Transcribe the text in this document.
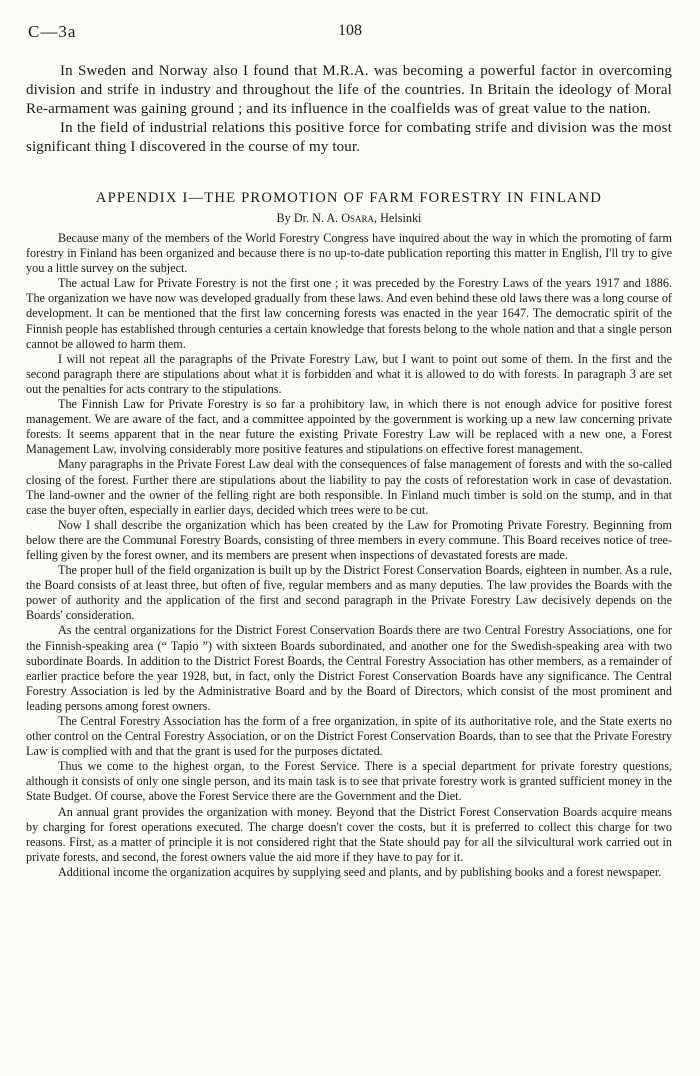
C—3a	108

In Sweden and Norway also I found that M.R.A. was becoming a powerful factor in overcoming division and strife in industry and throughout the life of the countries. In Britain the ideology of Moral Re-armament was gaining ground ; and its influence in the coalfields was of great value to the nation.

In the field of industrial relations this positive force for combating strife and division was the most significant thing I discovered in the course of my tour.

APPENDIX I—THE PROMOTION OF FARM FORESTRY IN FINLAND
By Dr. N. A. Osara, Helsinki

Because many of the members of the World Forestry Congress have inquired about the way in which the promoting of farm forestry in Finland has been organized and because there is no up-to-date publication reporting this matter in English, I'll try to give you a little survey on the subject.

The actual Law for Private Forestry is not the first one ; it was preceded by the Forestry Laws of the years 1917 and 1886. The organization we have now was developed gradually from these laws. And even behind these old laws there was a long course of development. It can be mentioned that the first law concerning forests was enacted in the year 1647. The democratic spirit of the Finnish people has established through centuries a certain knowledge that forests belong to the whole nation and that a single person cannot be allowed to harm them.

I will not repeat all the paragraphs of the Private Forestry Law, but I want to point out some of them. In the first and the second paragraph there are stipulations about what it is forbidden and what it is allowed to do with forests. In paragraph 3 are set out the penalties for acts contrary to the stipulations.

The Finnish Law for Private Forestry is so far a prohibitory law, in which there is not enough advice for positive forest management. We are aware of the fact, and a committee appointed by the government is working up a new law concerning private forests. It seems apparent that in the near future the existing Private Forestry Law will be replaced with a new one, a Forest Management Law, involving considerably more positive features and stipulations on effective forest management.

Many paragraphs in the Private Forest Law deal with the consequences of false management of forests and with the so-called closing of the forest. Further there are stipulations about the liability to pay the costs of reforestation work in case of devastation. The land-owner and the owner of the felling right are both responsible. In Finland much timber is sold on the stump, and in that case the buyer often, especially in earlier days, decided which trees were to be cut.

Now I shall describe the organization which has been created by the Law for Promoting Private Forestry. Beginning from below there are the Communal Forestry Boards, consisting of three members in every commune. This Board receives notice of tree-felling given by the forest owner, and its members are present when inspections of devastated forests are made.

The proper hull of the field organization is built up by the District Forest Conservation Boards, eighteen in number. As a rule, the Board consists of at least three, but often of five, regular members and as many deputies. The law provides the Boards with the power of authority and the application of the first and second paragraph in the Private Forestry Law decisively depends on the Boards' consideration.

As the central organizations for the District Forest Conservation Boards there are two Central Forestry Associations, one for the Finnish-speaking area (“ Tapio ”) with sixteen Boards subordinated, and another one for the Swedish-speaking area with two subordinate Boards. In addition to the District Forest Boards, the Central Forestry Association has other members, as a remainder of earlier practice before the year 1928, but, in fact, only the District Forest Conservation Boards have any significance. The Central Forestry Association is led by the Administrative Board and by the Board of Directors, which consist of the most prominent and leading persons among forest owners.

The Central Forestry Association has the form of a free organization, in spite of its authoritative role, and the State exerts no other control on the Central Forestry Association, or on the District Forest Conservation Boards, than to see that the Private Forestry Law is complied with and that the grant is used for the purposes dictated.

Thus we come to the highest organ, to the Forest Service. There is a special department for private forestry questions, although it consists of only one single person, and its main task is to see that private forestry work is granted sufficient money in the State Budget. Of course, above the Forest Service there are the Government and the Diet.

An annual grant provides the organization with money. Beyond that the District Forest Conservation Boards acquire means by charging for forest operations executed. The charge doesn't cover the costs, but it is preferred to collect this charge for two reasons. First, as a matter of principle it is not considered right that the State should pay for all the silvicultural work carried out in private forests, and second, the forest owners value the aid more if they have to pay for it.

Additional income the organization acquires by supplying seed and plants, and by publishing books and a forest newspaper.
